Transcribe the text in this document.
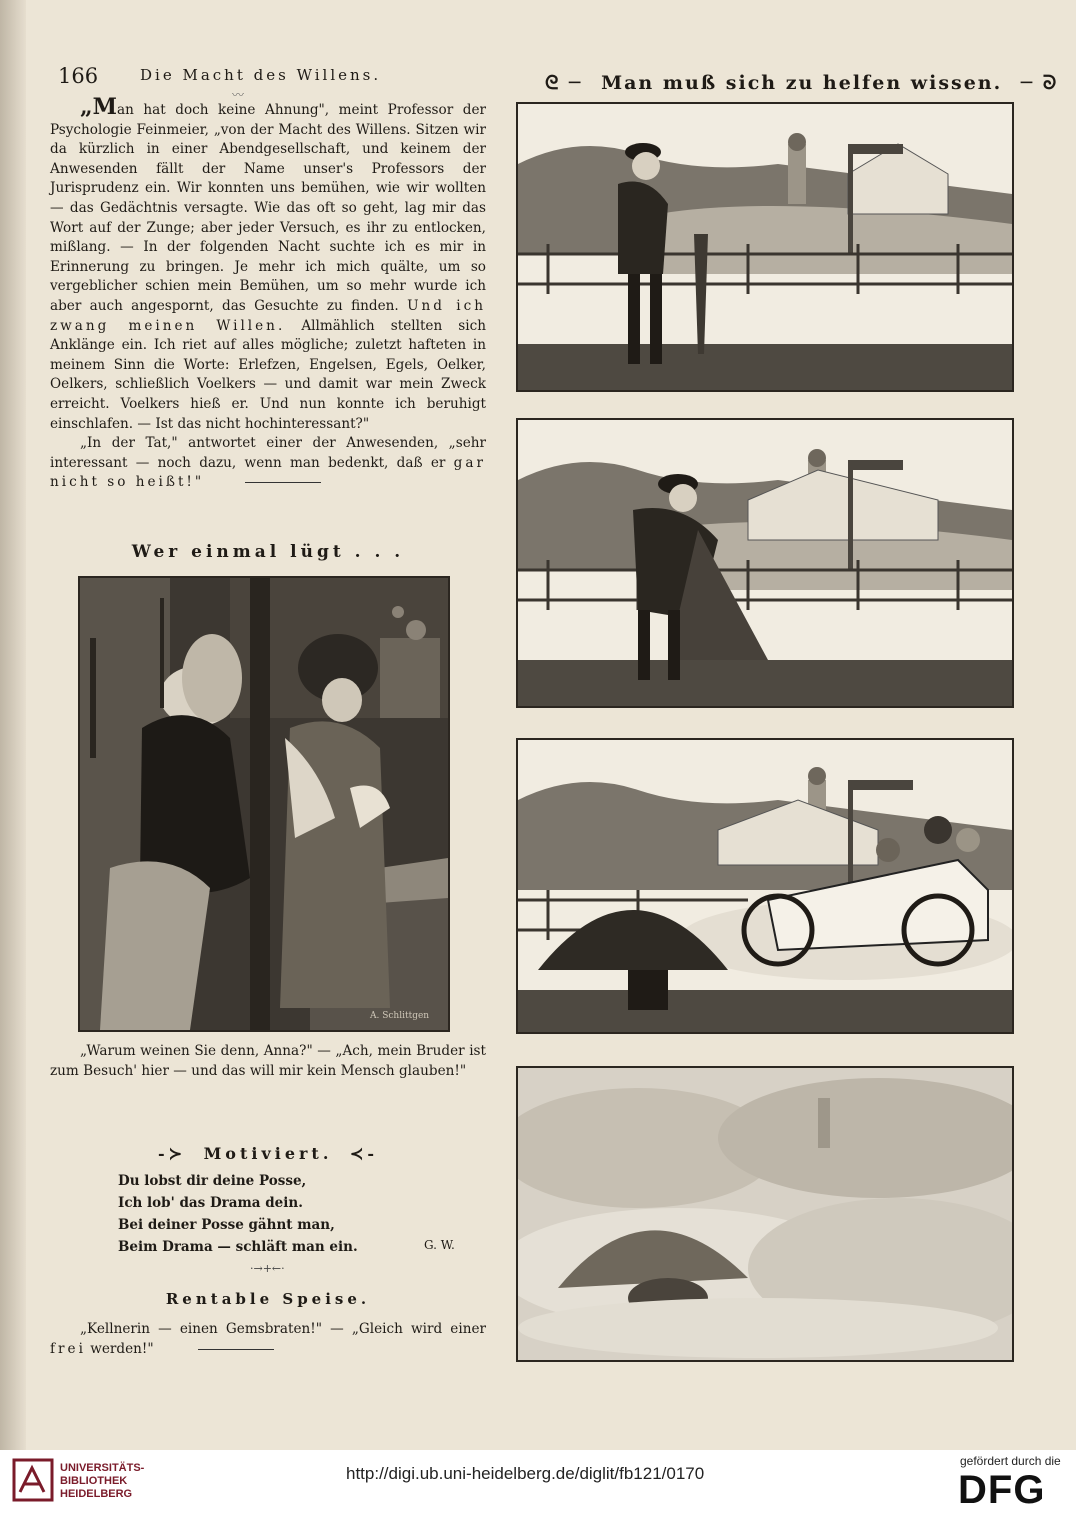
166	Die Macht des Willens.
〰
ᘓ ─ Man muß sich zu helfen wissen. ─ ᘐ

„Man hat doch keine Ahnung", meint Professor der Psychologie Feinmeier, „von der Macht des Willens. Sitzen wir da kürzlich in einer Abendgesellschaft, und keinem der Anwesenden fällt der Name unser's Professors der Jurisprudenz ein. Wir konnten uns bemühen, wie wir wollten — das Gedächtnis versagte. Wie das oft so geht, lag mir das Wort auf der Zunge; aber jeder Versuch, es ihr zu entlocken, mißlang. — In der folgenden Nacht suchte ich es mir in Erinnerung zu bringen. Je mehr ich mich quälte, um so vergeblicher schien mein Bemühen, um so mehr wurde ich aber auch angespornt, das Gesuchte zu finden. Und ich zwang meinen Willen. Allmählich stellten sich Anklänge ein. Ich riet auf alles mögliche; zuletzt hafteten in meinem Sinn die Worte: Erlefzen, Engelsen, Egels, Oelker, Oelkers, schließlich Voelkers — und damit war mein Zweck erreicht. Voelkers hieß er. Und nun konnte ich beruhigt einschlafen. — Ist das nicht hochinteressant?"

„In der Tat," antwortet einer der Anwesenden, „sehr interessant — noch dazu, wenn man bedenkt, daß er gar nicht so heißt!"

Wer einmal lügt . . .
A. Schlittgen

„Warum weinen Sie denn, Anna?" — „Ach, mein Bruder ist zum Besuch' hier — und das will mir kein Mensch glauben!"

-≻ Motiviert. ≺-
Du lobst dir deine Posse,
Ich lob' das Drama dein.
Bei deiner Posse gähnt man,
Beim Drama — schläft man ein.	G. W.
·→+←·
Rentable Speise.

„Kellnerin — einen Gemsbraten!" — „Gleich wird einer frei werden!"

UNIVERSITÄTS-
BIBLIOTHEK
HEIDELBERG
http://digi.ub.uni-heidelberg.de/diglit/fb121/0170
gefördert durch die
DFG
